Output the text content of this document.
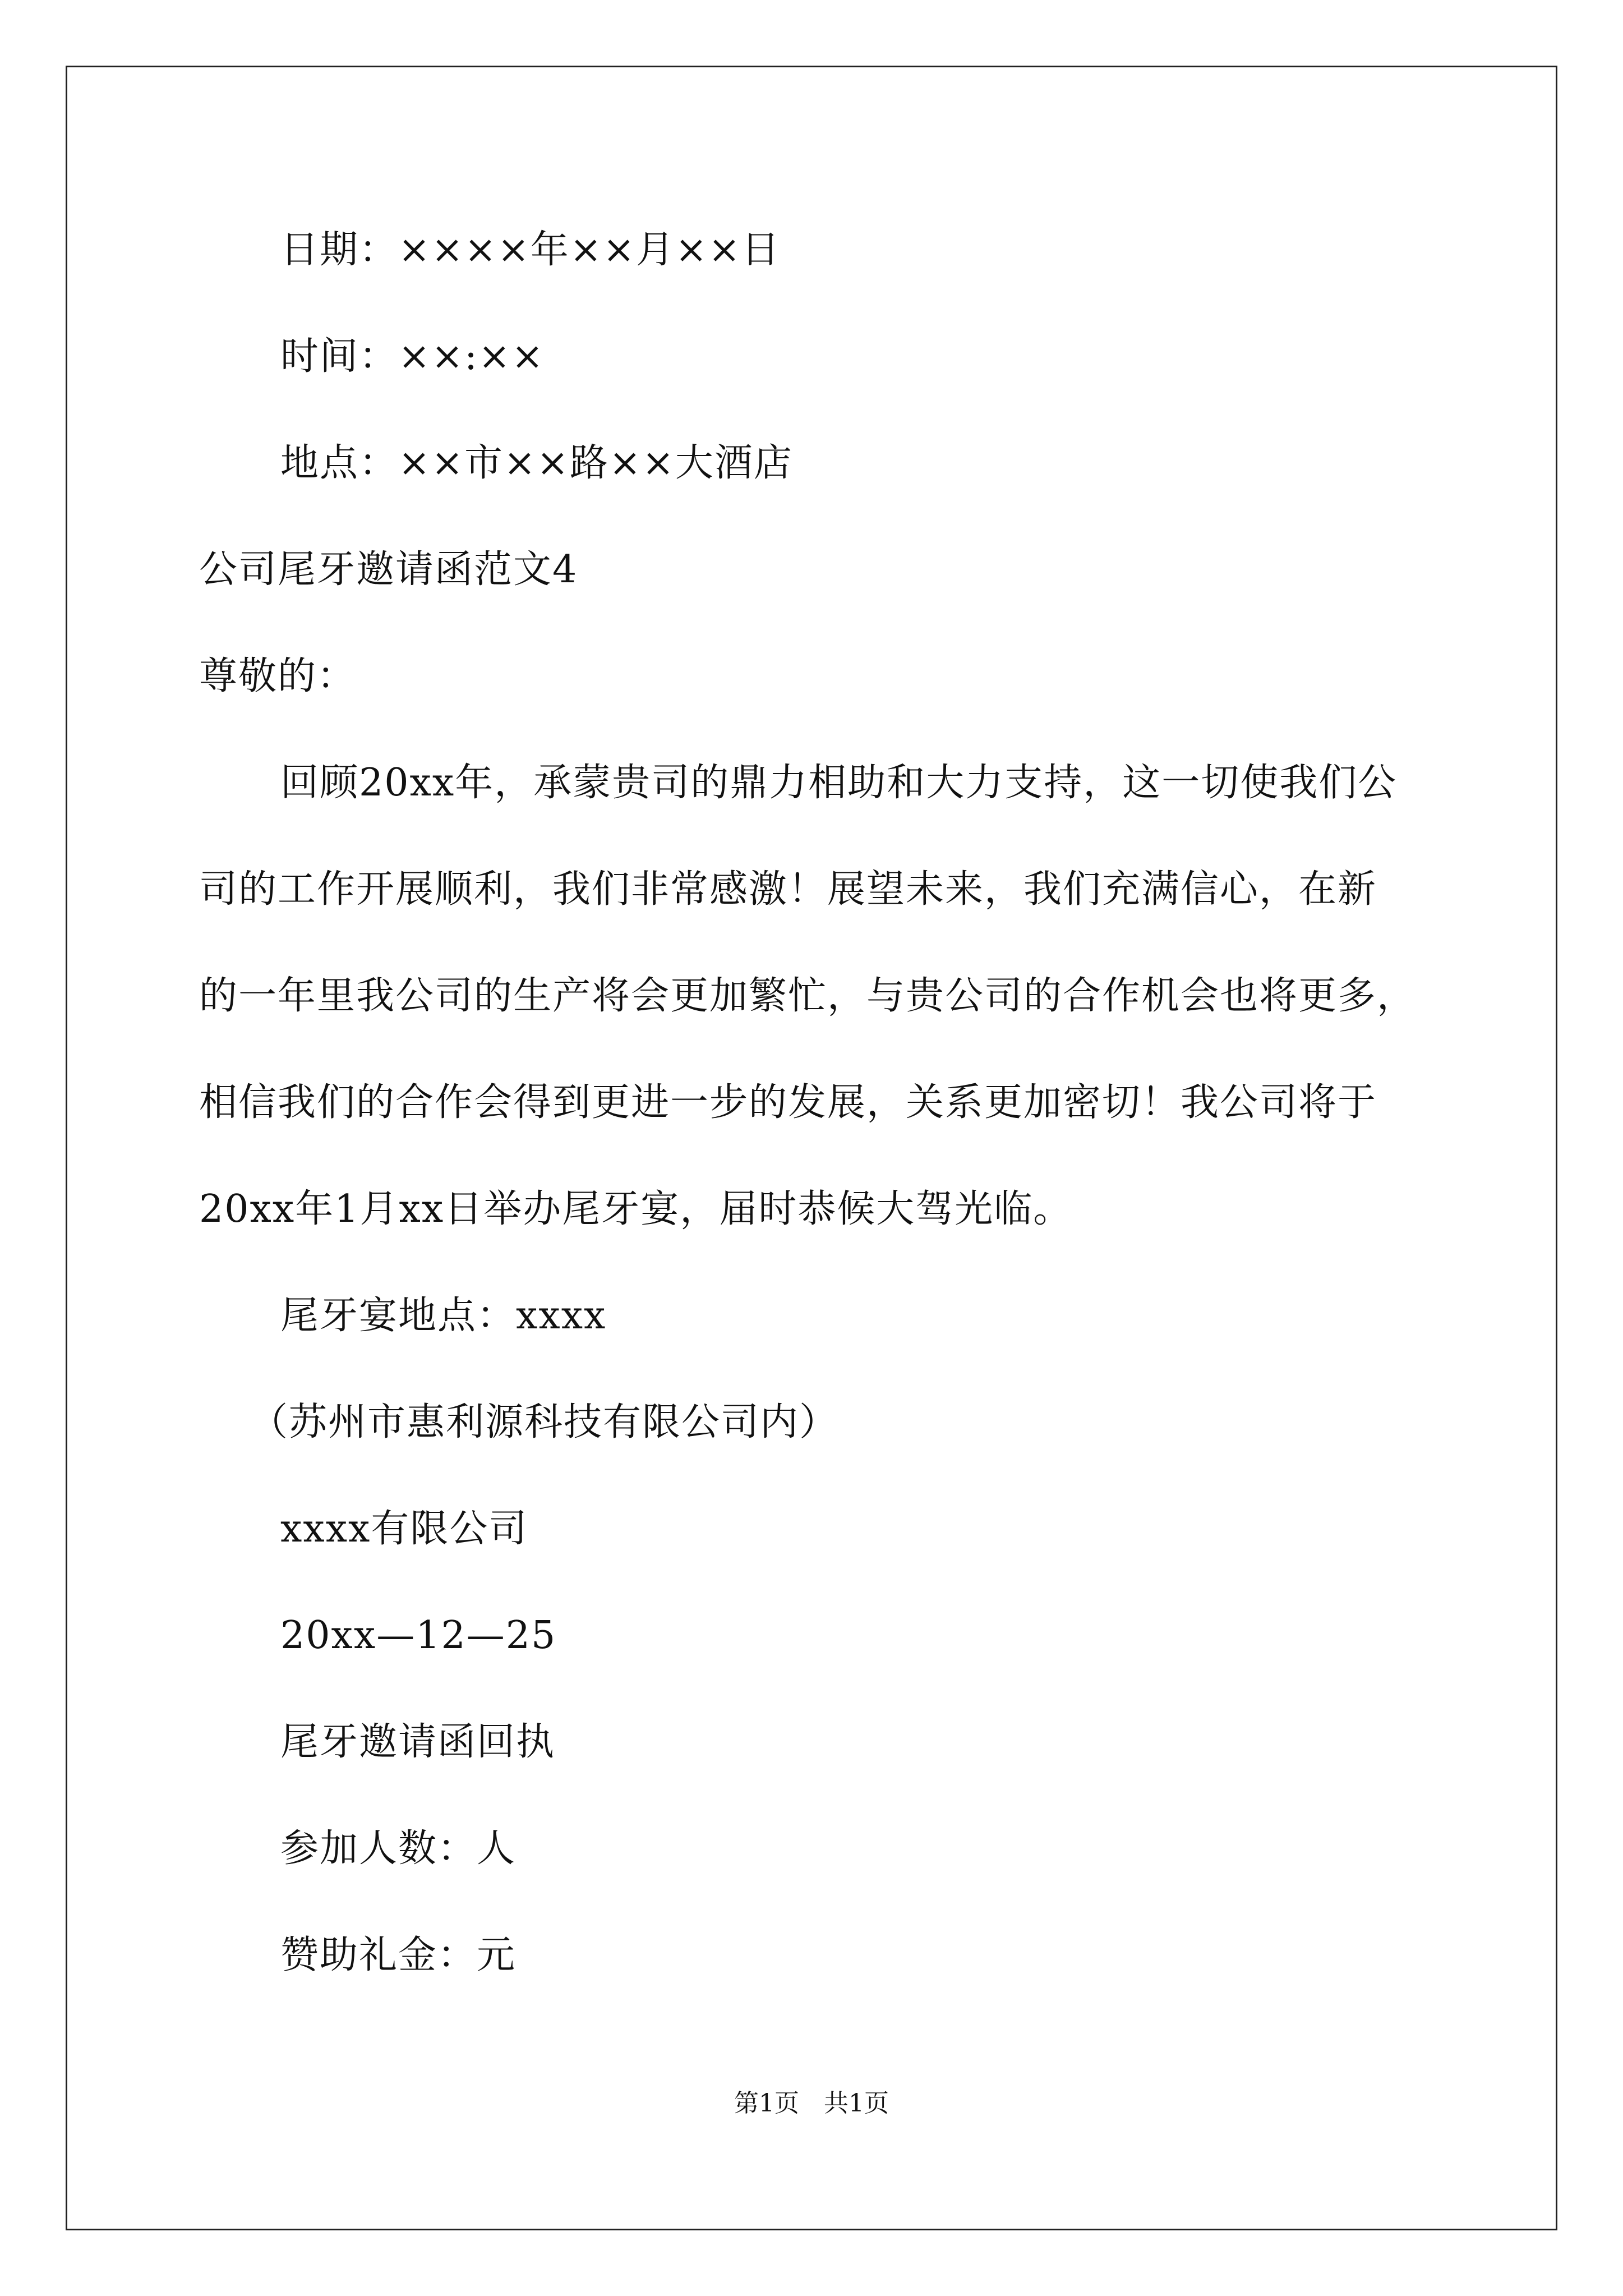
日期：××××年××月××日
时间：××:××
地点：××市××路××大酒店
公司尾牙邀请函范文4
尊敬的：
回顾20xx年，承蒙贵司的鼎力相助和大力支持，这一切使我们公
司的工作开展顺利，我们非常感激！展望未来，我们充满信心，在新
的一年里我公司的生产将会更加繁忙，与贵公司的合作机会也将更多，
相信我们的合作会得到更进一步的发展，关系更加密切！我公司将于
20xx年1月xx日举办尾牙宴，届时恭候大驾光临。
尾牙宴地点：xxxx
（苏州市惠利源科技有限公司内）
xxxx有限公司
20xx—12—25
尾牙邀请函回执
参加人数：人
赞助礼金：元
第1页　共1页
